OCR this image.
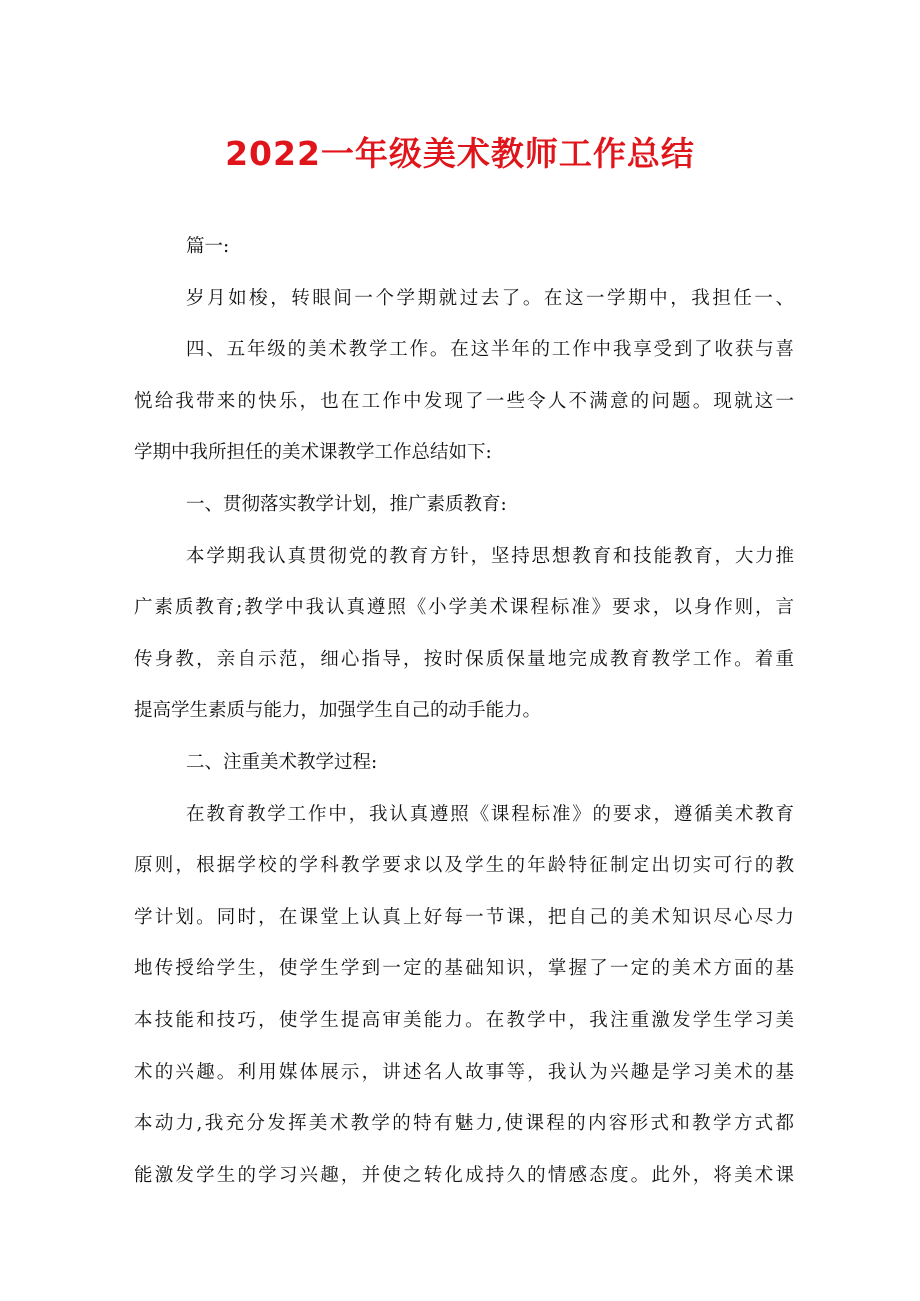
2022一年级美术教师工作总结

篇一:

岁月如梭，转眼间一个学期就过去了。在这一学期中，我担任一、

四、五年级的美术教学工作。在这半年的工作中我享受到了收获与喜

悦给我带来的快乐，也在工作中发现了一些令人不满意的问题。现就这一

学期中我所担任的美术课教学工作总结如下:

一、贯彻落实教学计划，推广素质教育:

本学期我认真贯彻党的教育方针，坚持思想教育和技能教育，大力推

广素质教育;教学中我认真遵照《小学美术课程标准》要求，以身作则，言

传身教，亲自示范，细心指导，按时保质保量地完成教育教学工作。着重

提高学生素质与能力，加强学生自己的动手能力。

二、注重美术教学过程:

在教育教学工作中，我认真遵照《课程标准》的要求，遵循美术教育

原则，根据学校的学科教学要求以及学生的年龄特征制定出切实可行的教

学计划。同时，在课堂上认真上好每一节课，把自己的美术知识尽心尽力

地传授给学生，使学生学到一定的基础知识，掌握了一定的美术方面的基

本技能和技巧，使学生提高审美能力。在教学中，我注重激发学生学习美

术的兴趣。利用媒体展示，讲述名人故事等，我认为兴趣是学习美术的基

本动力,我充分发挥美术教学的特有魅力,使课程的内容形式和教学方式都

能激发学生的学习兴趣，并使之转化成持久的情感态度。此外，将美术课
